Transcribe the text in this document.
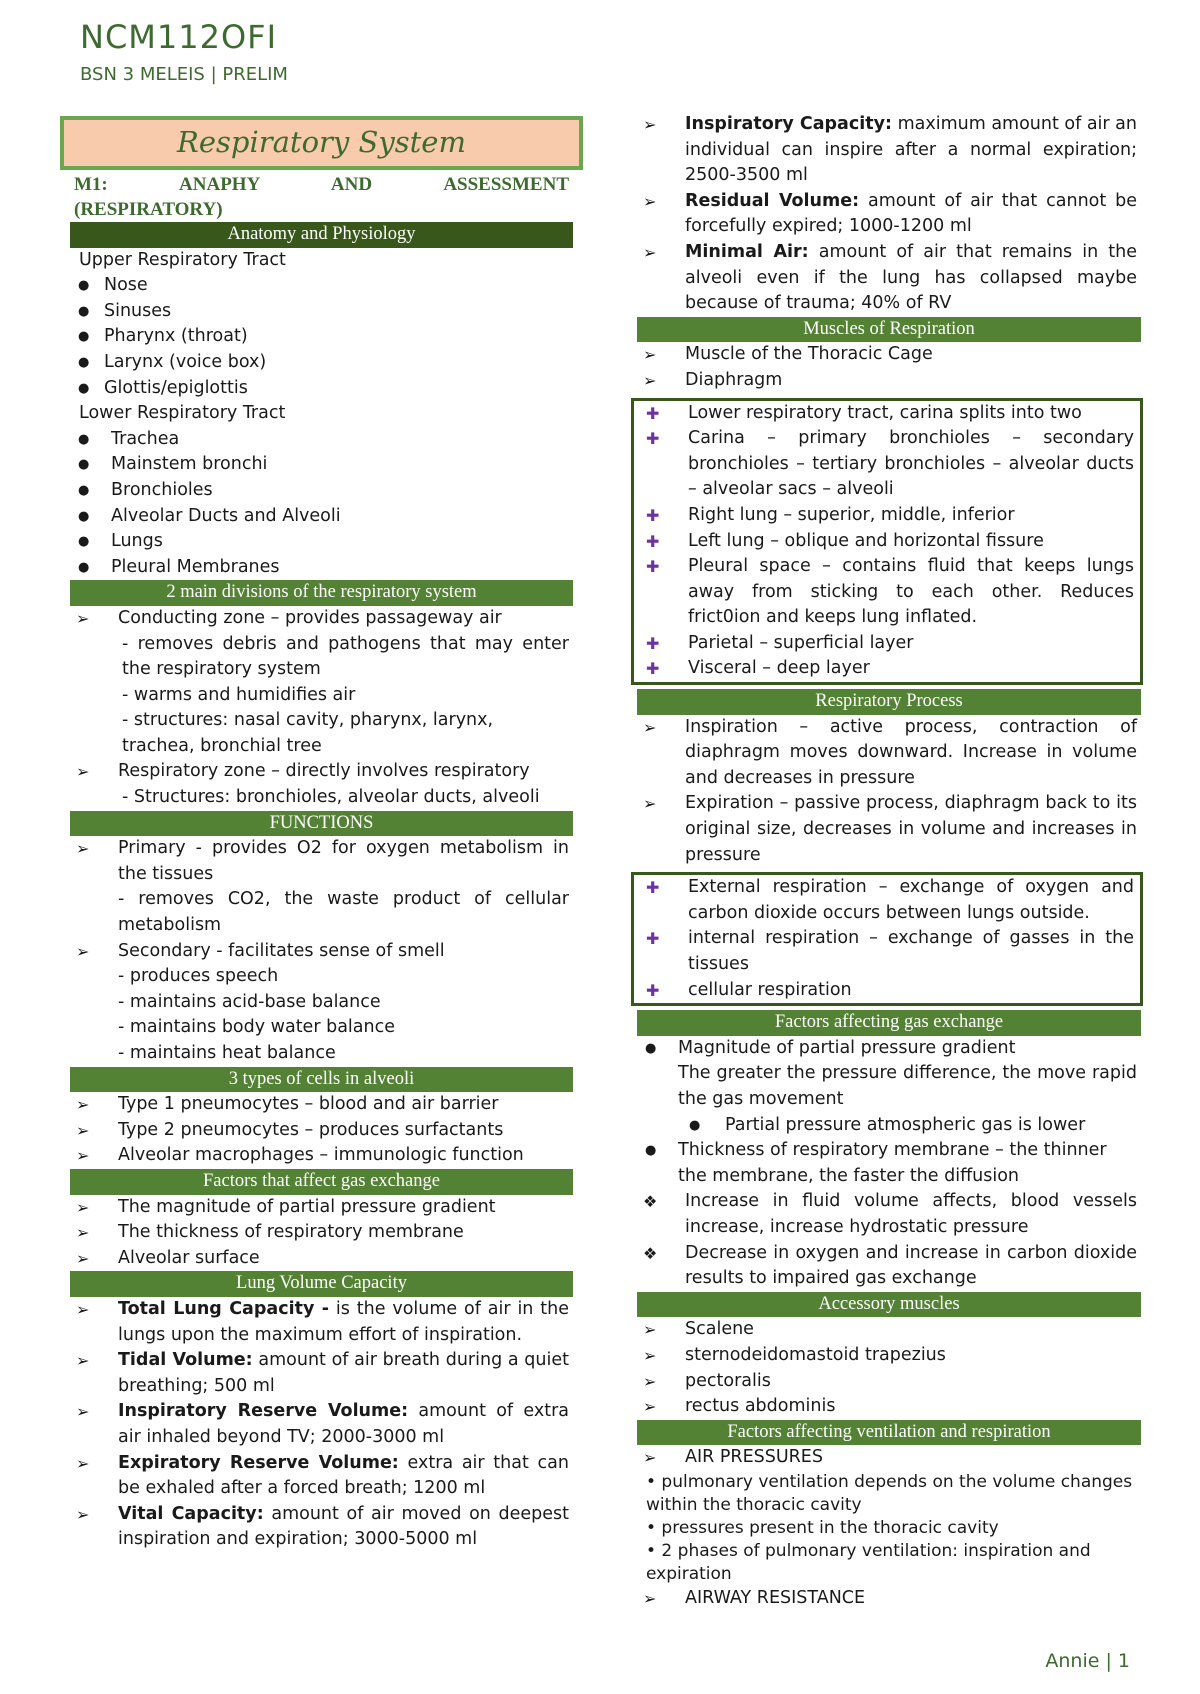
NCM112OFI
BSN 3 MELEIS | PRELIM
Respiratory System
M1: ANAPHY AND ASSESSMENT
(RESPIRATORY)
Anatomy and Physiology
Upper Respiratory Tract
● Nose
● Sinuses
● Pharynx (throat)
● Larynx (voice box)
● Glottis/epiglottis
Lower Respiratory Tract
● Trachea
● Mainstem bronchi
● Bronchioles
● Alveolar Ducts and Alveoli
● Lungs
● Pleural Membranes
2 main divisions of the respiratory system
➢ Conducting zone – provides passageway air
- removes debris and pathogens that may enter the respiratory system
- warms and humidifies air
- structures: nasal cavity, pharynx, larynx, trachea, bronchial tree
➢ Respiratory zone – directly involves respiratory
- Structures: bronchioles, alveolar ducts, alveoli
FUNCTIONS
➢ Primary - provides O2 for oxygen metabolism in the tissues
- removes CO2, the waste product of cellular metabolism
➢ Secondary - facilitates sense of smell
- produces speech
- maintains acid-base balance
- maintains body water balance
- maintains heat balance
3 types of cells in alveoli
➢ Type 1 pneumocytes – blood and air barrier
➢ Type 2 pneumocytes – produces surfactants
➢ Alveolar macrophages – immunologic function
Factors that affect gas exchange
➢ The magnitude of partial pressure gradient
➢ The thickness of respiratory membrane
➢ Alveolar surface
Lung Volume Capacity
➢ Total Lung Capacity - is the volume of air in the lungs upon the maximum effort of inspiration.
➢ Tidal Volume: amount of air breath during a quiet breathing; 500 ml
➢ Inspiratory Reserve Volume: amount of extra air inhaled beyond TV; 2000-3000 ml
➢ Expiratory Reserve Volume: extra air that can be exhaled after a forced breath; 1200 ml
➢ Vital Capacity: amount of air moved on deepest inspiration and expiration; 3000-5000 ml
➢ Inspiratory Capacity: maximum amount of air an individual can inspire after a normal expiration; 2500-3500 ml
➢ Residual Volume: amount of air that cannot be forcefully expired; 1000-1200 ml
➢ Minimal Air: amount of air that remains in the alveoli even if the lung has collapsed maybe because of trauma; 40% of RV
Muscles of Respiration
➢ Muscle of the Thoracic Cage
➢ Diaphragm
✚ Lower respiratory tract, carina splits into two
✚ Carina – primary bronchioles – secondary bronchioles – tertiary bronchioles – alveolar ducts – alveolar sacs – alveoli
✚ Right lung – superior, middle, inferior
✚ Left lung – oblique and horizontal fissure
✚ Pleural space – contains fluid that keeps lungs away from sticking to each other. Reduces frict0ion and keeps lung inflated.
✚ Parietal – superficial layer
✚ Visceral – deep layer
Respiratory Process
➢ Inspiration – active process, contraction of diaphragm moves downward. Increase in volume and decreases in pressure
➢ Expiration – passive process, diaphragm back to its original size, decreases in volume and increases in pressure
✚ External respiration – exchange of oxygen and carbon dioxide occurs between lungs outside.
✚ internal respiration – exchange of gasses in the tissues
✚ cellular respiration
Factors affecting gas exchange
● Magnitude of partial pressure gradient
The greater the pressure difference, the move rapid the gas movement
● Partial pressure atmospheric gas is lower
● Thickness of respiratory membrane – the thinner the membrane, the faster the diffusion
❖ Increase in fluid volume affects, blood vessels increase, increase hydrostatic pressure
❖ Decrease in oxygen and increase in carbon dioxide results to impaired gas exchange
Accessory muscles
➢ Scalene
➢ sternodeidomastoid trapezius
➢ pectoralis
➢ rectus abdominis
Factors affecting ventilation and respiration
➢ AIR PRESSURES
• pulmonary ventilation depends on the volume changes within the thoracic cavity
• pressures present in the thoracic cavity
• 2 phases of pulmonary ventilation: inspiration and expiration
➢ AIRWAY RESISTANCE
Annie | 1
